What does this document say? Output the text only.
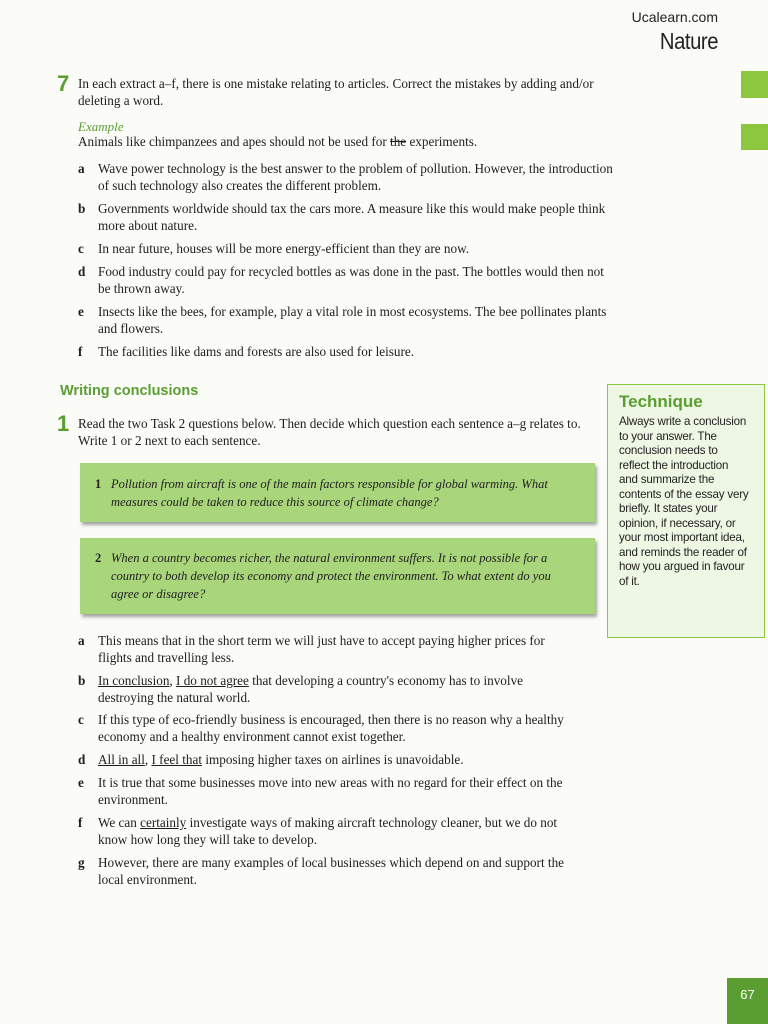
Ucalearn.com
Nature
7 In each extract a–f, there is one mistake relating to articles. Correct the mistakes by adding and/or deleting a word.
Example
Animals like chimpanzees and apes should not be used for the experiments.
a	Wave power technology is the best answer to the problem of pollution. However, the introduction of such technology also creates the different problem.
b Governments worldwide should tax the cars more. A measure like this would make people think more about nature.
c	In near future, houses will be more energy-efficient than they are now.
d Food industry could pay for recycled bottles as was done in the past. The bottles would then not be thrown away.
e	Insects like the bees, for example, play a vital role in most ecosystems. The bee pollinates plants and flowers.
f	The facilities like dams and forests are also used for leisure.
Writing conclusions
1 Read the two Task 2 questions below. Then decide which question each sentence a–g relates to. Write 1 or 2 next to each sentence.
1 Pollution from aircraft is one of the main factors responsible for global warming. What measures could be taken to reduce this source of climate change?
2 When a country becomes richer, the natural environment suffers. It is not possible for a country to both develop its economy and protect the environment. To what extent do you agree or disagree?
a	This means that in the short term we will just have to accept paying higher prices for flights and travelling less.
b In conclusion, I do not agree that developing a country's economy has to involve destroying the natural world.
c	If this type of eco-friendly business is encouraged, then there is no reason why a healthy economy and a healthy environment cannot exist together.
d All in all, I feel that imposing higher taxes on airlines is unavoidable.
e	It is true that some businesses move into new areas with no regard for their effect on the environment.
f	We can certainly investigate ways of making aircraft technology cleaner, but we do not know how long they will take to develop.
g	However, there are many examples of local businesses which depend on and support the local environment.
Technique
Always write a conclusion to your answer. The conclusion needs to reflect the introduction and summarize the contents of the essay very briefly. It states your opinion, if necessary, or your most important idea, and reminds the reader of how you argued in favour of it.
67
